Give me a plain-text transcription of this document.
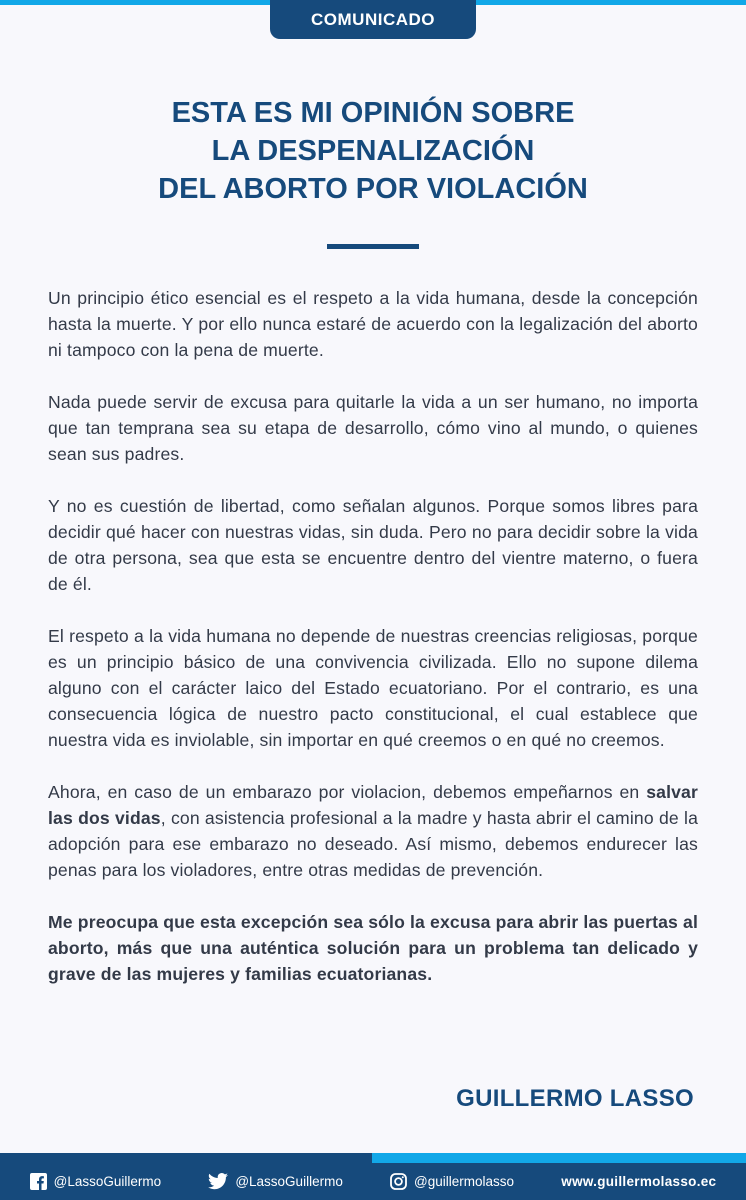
COMUNICADO
ESTA ES MI OPINIÓN SOBRE
LA DESPENALIZACIÓN
DEL ABORTO POR VIOLACIÓN

Un principio ético esencial es el respeto a la vida humana, desde la concepción hasta la muerte. Y por ello nunca estaré de acuerdo con la legalización del aborto ni tampoco con la pena de muerte.

Nada puede servir de excusa para quitarle la vida a un ser humano, no importa que tan temprana sea su etapa de desarrollo, cómo vino al mundo, o quienes sean sus padres.

Y no es cuestión de libertad, como señalan algunos. Porque somos libres para decidir qué hacer con nuestras vidas, sin duda. Pero no para decidir sobre la vida de otra persona, sea que esta se encuentre dentro del vientre materno, o fuera de él.

El respeto a la vida humana no depende de nuestras creencias religiosas, porque es un principio básico de una convivencia civilizada. Ello no supone dilema alguno con el carácter laico del Estado ecuatoriano. Por el contrario, es una consecuencia lógica de nuestro pacto constitucional, el cual establece que nuestra vida es inviolable, sin importar en qué creemos o en qué no creemos.

Ahora, en caso de un embarazo por violacion, debemos empeñarnos en salvar las dos vidas, con asistencia profesional a la madre y hasta abrir el camino de la adopción para ese embarazo no deseado. Así mismo, debemos endurecer las penas para los violadores, entre otras medidas de prevención.

Me preocupa que esta excepción sea sólo la excusa para abrir las puertas al aborto, más que una auténtica solución para un problema tan delicado y grave de las mujeres y familias ecuatorianas.

GUILLERMO LASSO
@LassoGuillermo	@LassoGuillermo	@guillermolasso	www.guillermolasso.ec
